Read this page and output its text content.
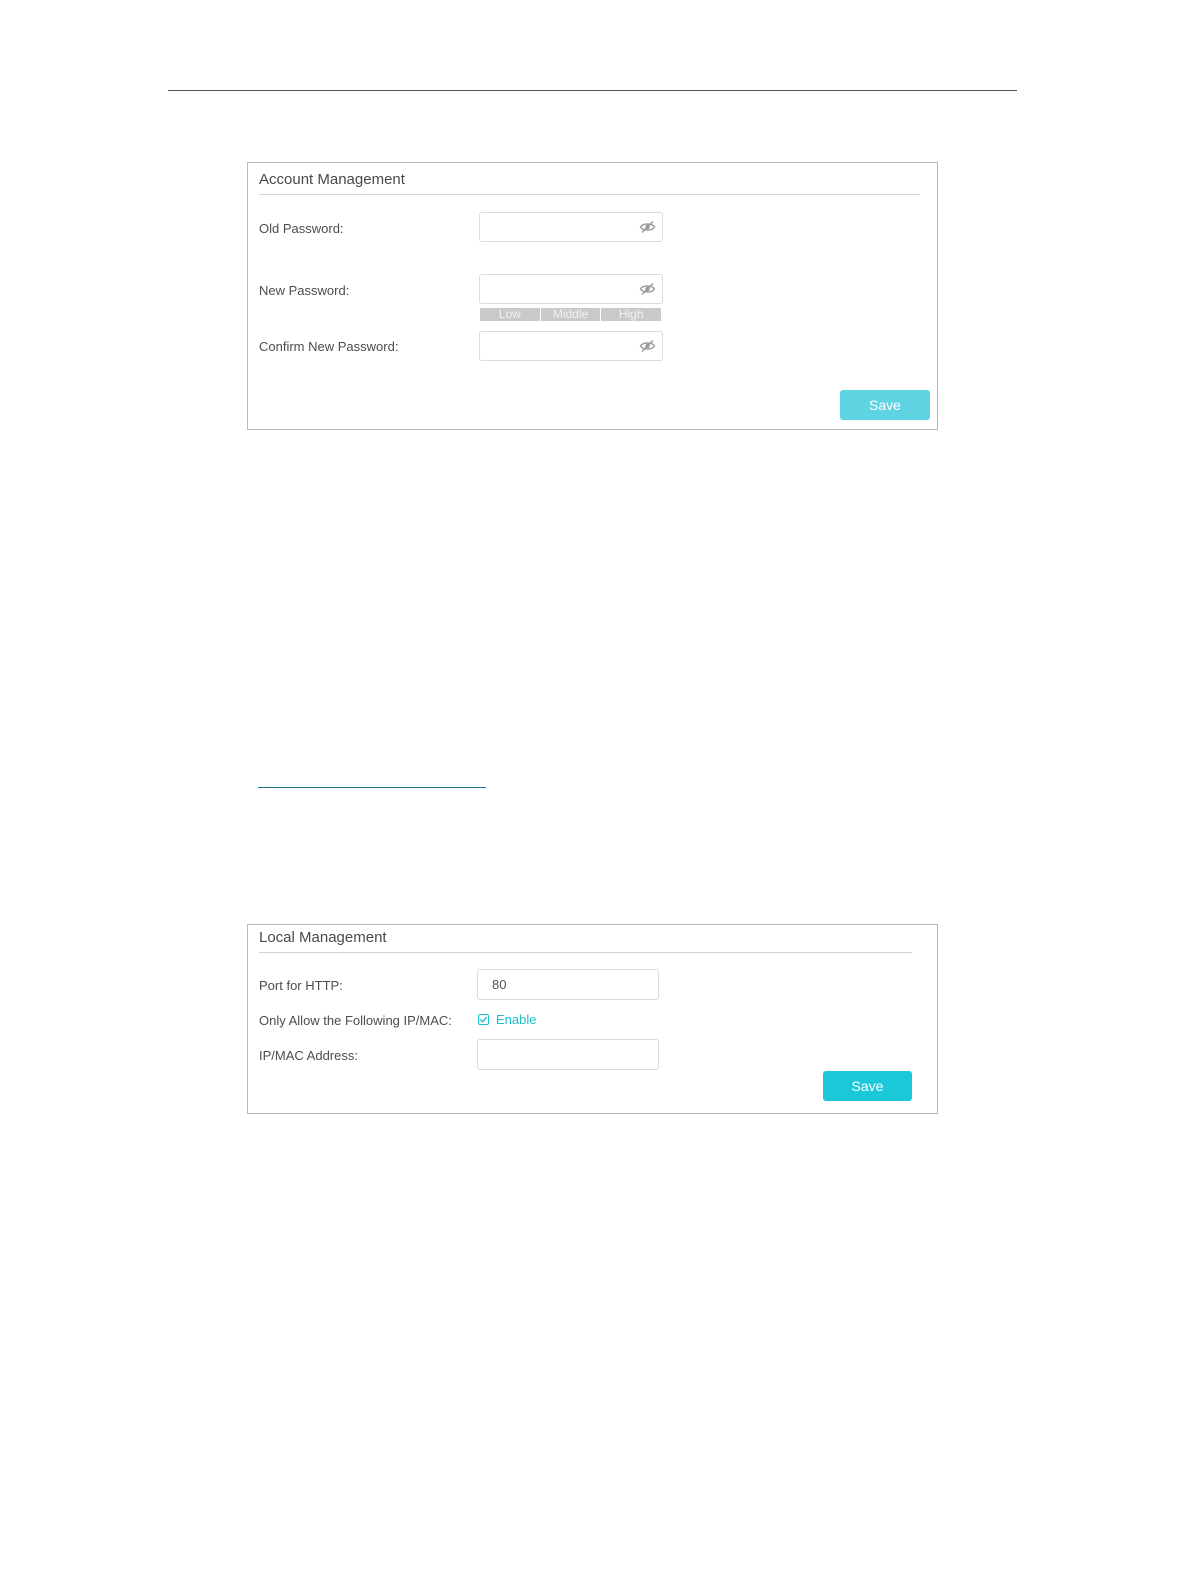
Account Management
Old Password:
New Password:
Low	Middle	High
Confirm New Password:
Save
Local Management
Port for HTTP:	80
Only Allow the Following IP/MAC:	Enable
IP/MAC Address:
Save
